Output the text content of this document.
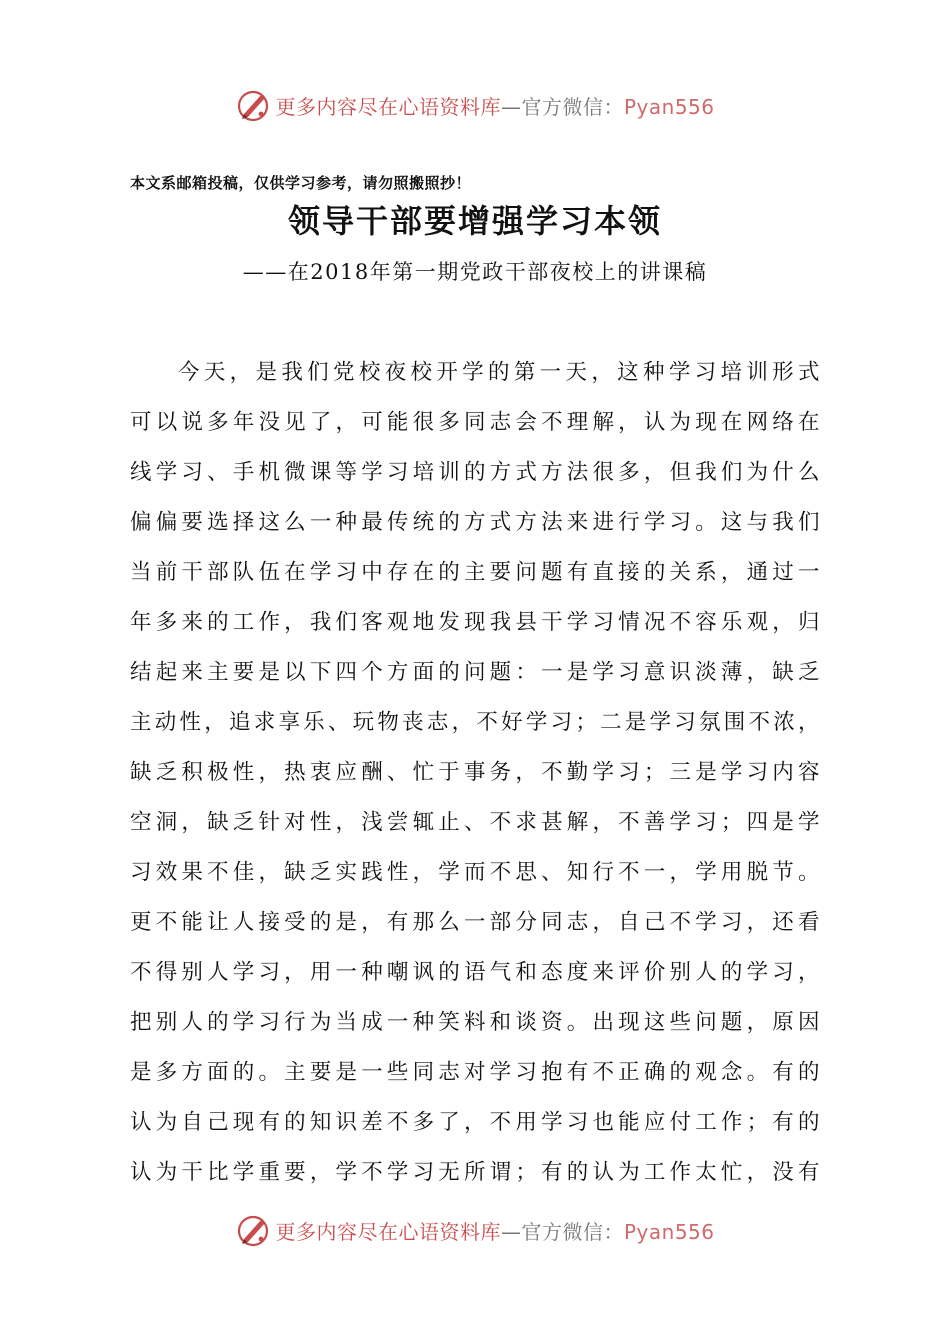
更多内容尽在心语资料库—官方微信：Pyan556
本文系邮箱投稿，仅供学习参考，请勿照搬照抄！
领导干部要增强学习本领
——在2018年第一期党政干部夜校上的讲课稿
今天，是我们党校夜校开学的第一天，这种学习培训形式
可以说多年没见了，可能很多同志会不理解，认为现在网络在
线学习、手机微课等学习培训的方式方法很多，但我们为什么
偏偏要选择这么一种最传统的方式方法来进行学习。这与我们
当前干部队伍在学习中存在的主要问题有直接的关系，通过一
年多来的工作，我们客观地发现我县干学习情况不容乐观，归
结起来主要是以下四个方面的问题：一是学习意识淡薄，缺乏
主动性，追求享乐、玩物丧志，不好学习；二是学习氛围不浓，
缺乏积极性，热衷应酬、忙于事务，不勤学习；三是学习内容
空洞，缺乏针对性，浅尝辄止、不求甚解，不善学习；四是学
习效果不佳，缺乏实践性，学而不思、知行不一，学用脱节。
更不能让人接受的是，有那么一部分同志，自己不学习，还看
不得别人学习，用一种嘲讽的语气和态度来评价别人的学习，
把别人的学习行为当成一种笑料和谈资。出现这些问题，原因
是多方面的。主要是一些同志对学习抱有不正确的观念。有的
认为自己现有的知识差不多了，不用学习也能应付工作；有的
认为干比学重要，学不学习无所谓；有的认为工作太忙，没有
更多内容尽在心语资料库—官方微信：Pyan556
